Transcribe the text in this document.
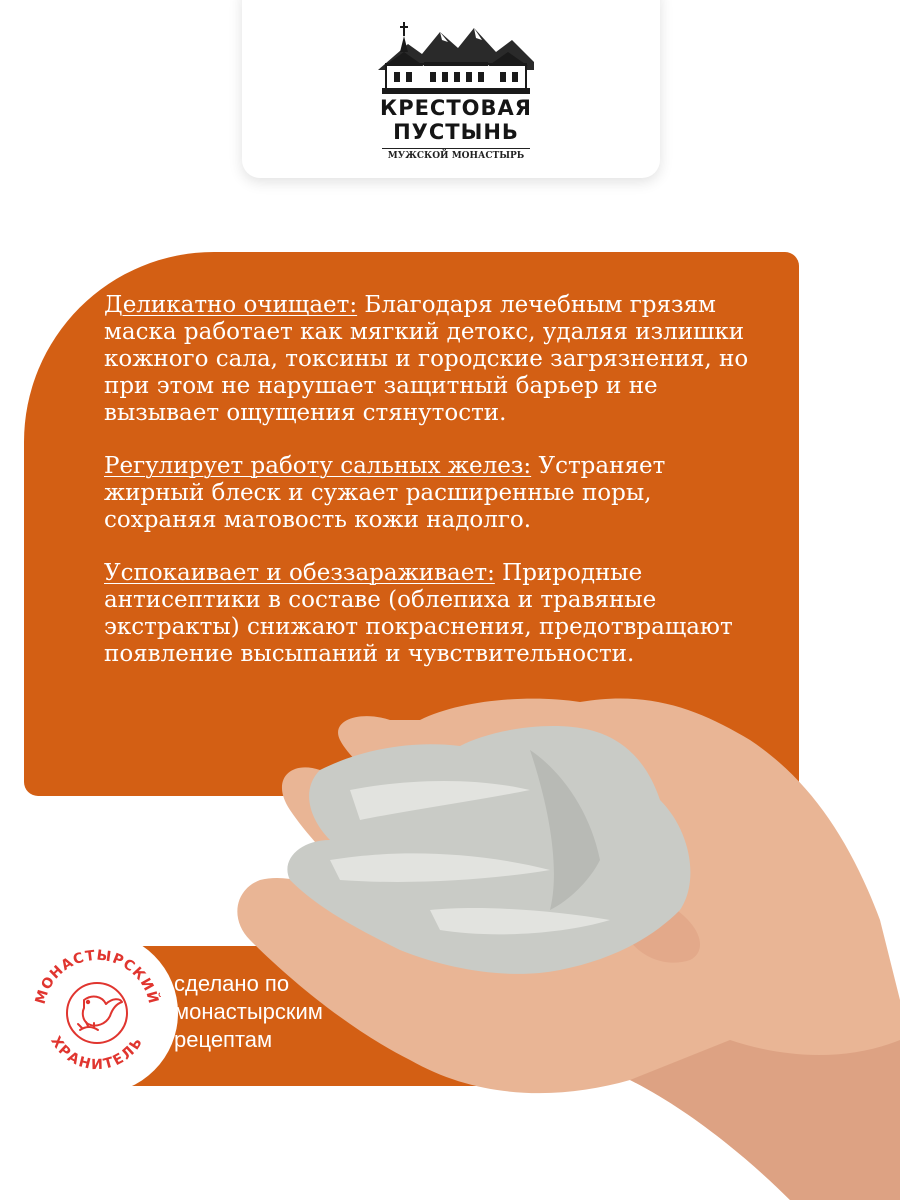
КРЕСТОВАЯ
ПУСТЫНЬ
МУЖСКОЙ МОНАСТЫРЬ

Деликатно очищает: Благодаря лечебным грязям маска работает как мягкий детокс, удаляя излишки кожного сала, токсины и городские загрязнения, но при этом не нарушает защитный барьер и не вызывает ощущения стянутости.

Регулирует работу сальных желез: Устраняет жирный блеск и сужает расширенные поры, сохраняя матовость кожи надолго.

Успокаивает и обеззараживает: Природные антисептики в составе (облепиха и травяные экстракты) снижают покраснения, предотвращают появление высыпаний и чувствительности.

МОНАСТЫРСКИЙ
ХРАНИТЕЛЬ
сделано по
монастырским
рецептам
